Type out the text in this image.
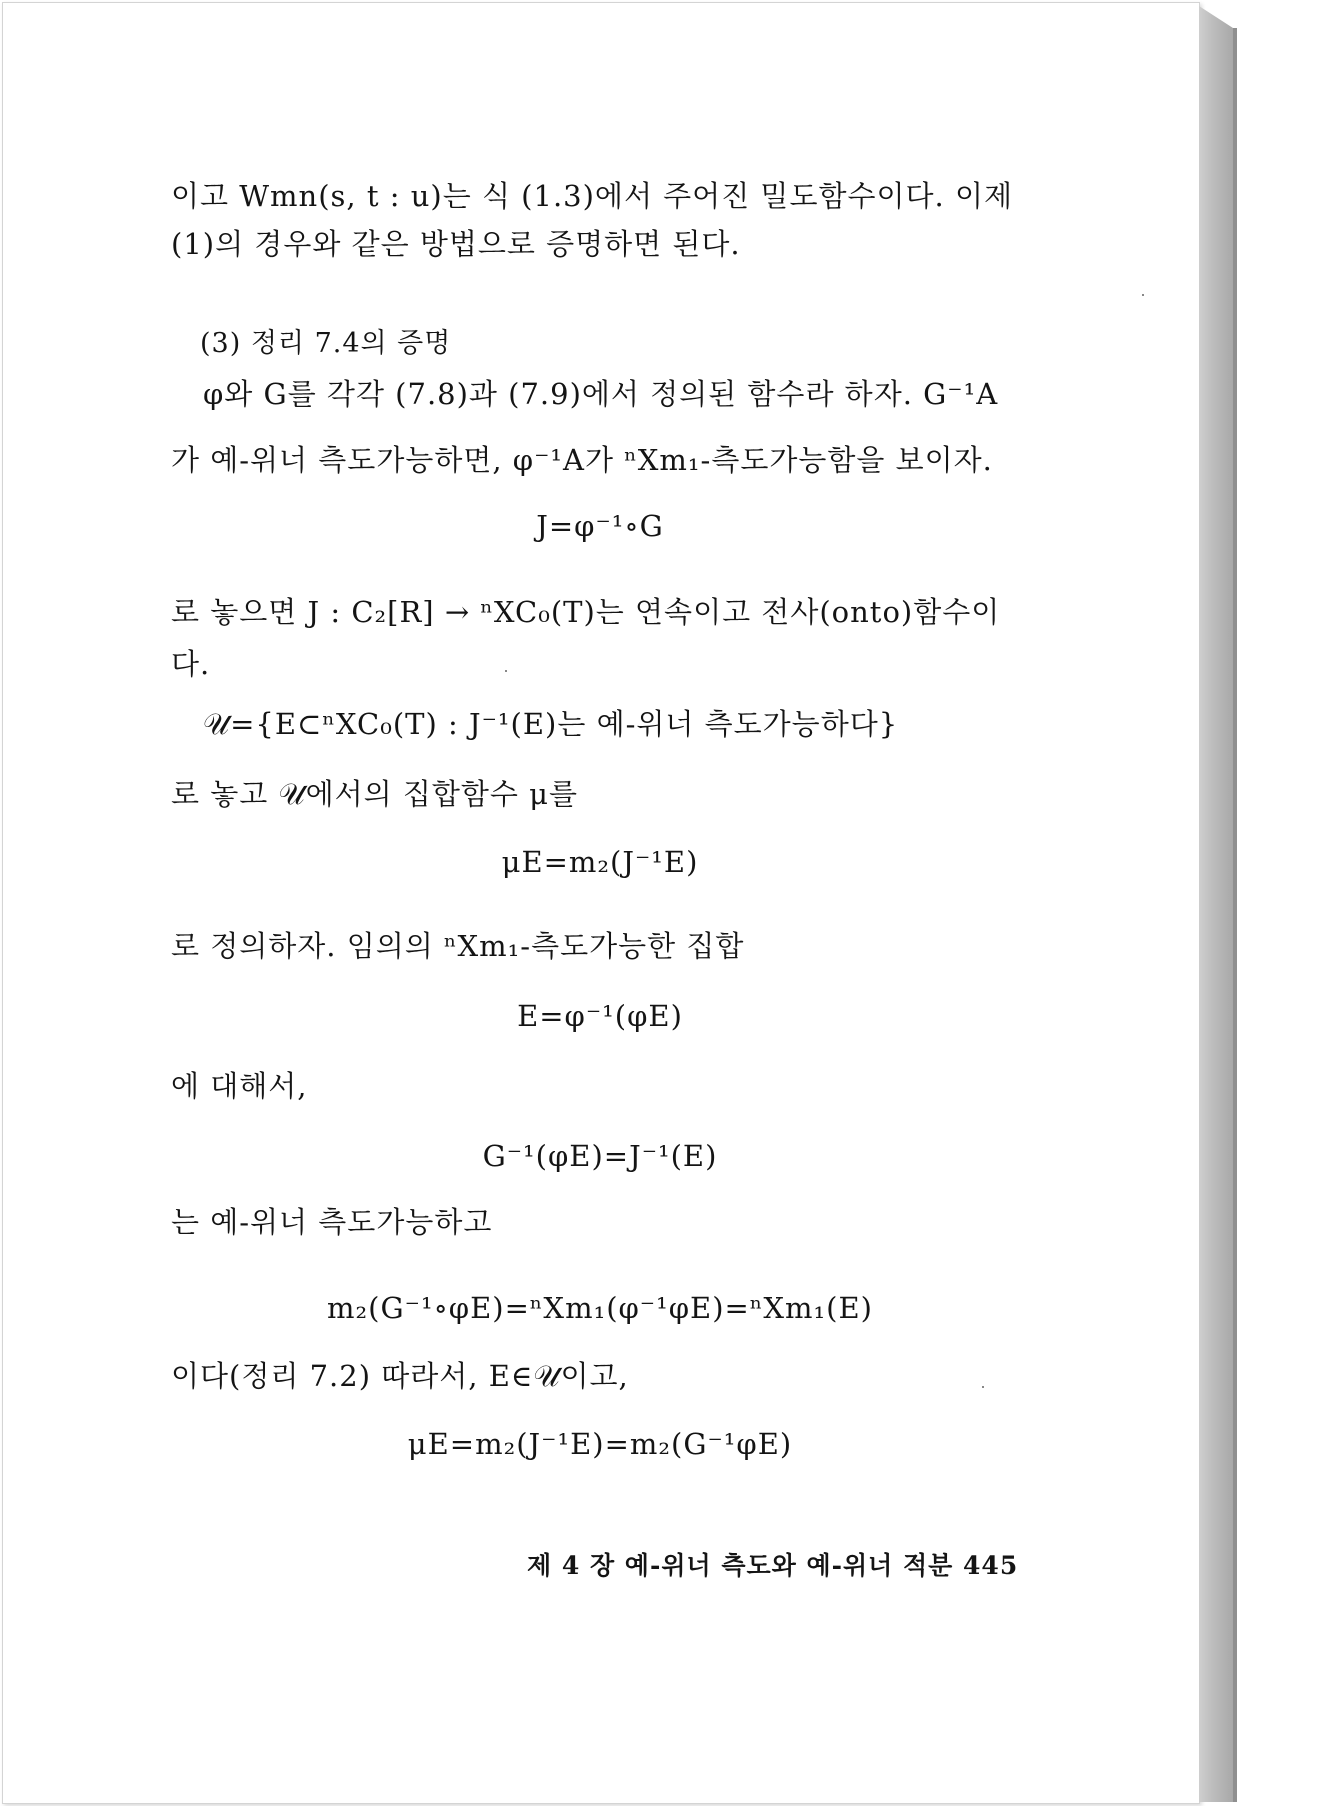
이고 Wmn(s, t : u)는 식 (1.3)에서 주어진 밀도함수이다. 이제
(1)의 경우와 같은 방법으로 증명하면 된다.
(3) 정리 7.4의 증명
φ와 G를 각각 (7.8)과 (7.9)에서 정의된 함수라 하자. G⁻¹A
가 예-위너 측도가능하면, φ⁻¹A가 ⁿXm₁-측도가능함을 보이자.
J=φ⁻¹∘G
로 놓으면 J : C₂[R] → ⁿXC₀(T)는 연속이고 전사(onto)함수이
다.
𝒰={E⊂ⁿXC₀(T) : J⁻¹(E)는 예-위너 측도가능하다}
로 놓고 𝒰에서의 집합함수 μ를
μE=m₂(J⁻¹E)
로 정의하자. 임의의 ⁿXm₁-측도가능한 집합
E=φ⁻¹(φE)
에 대해서,
G⁻¹(φE)=J⁻¹(E)
는 예-위너 측도가능하고
m₂(G⁻¹∘φE)=ⁿXm₁(φ⁻¹φE)=ⁿXm₁(E)
이다(정리 7.2) 따라서, E∈𝒰이고,
μE=m₂(J⁻¹E)=m₂(G⁻¹φE)
제 4 장 예-위너 측도와 예-위너 적분 445
